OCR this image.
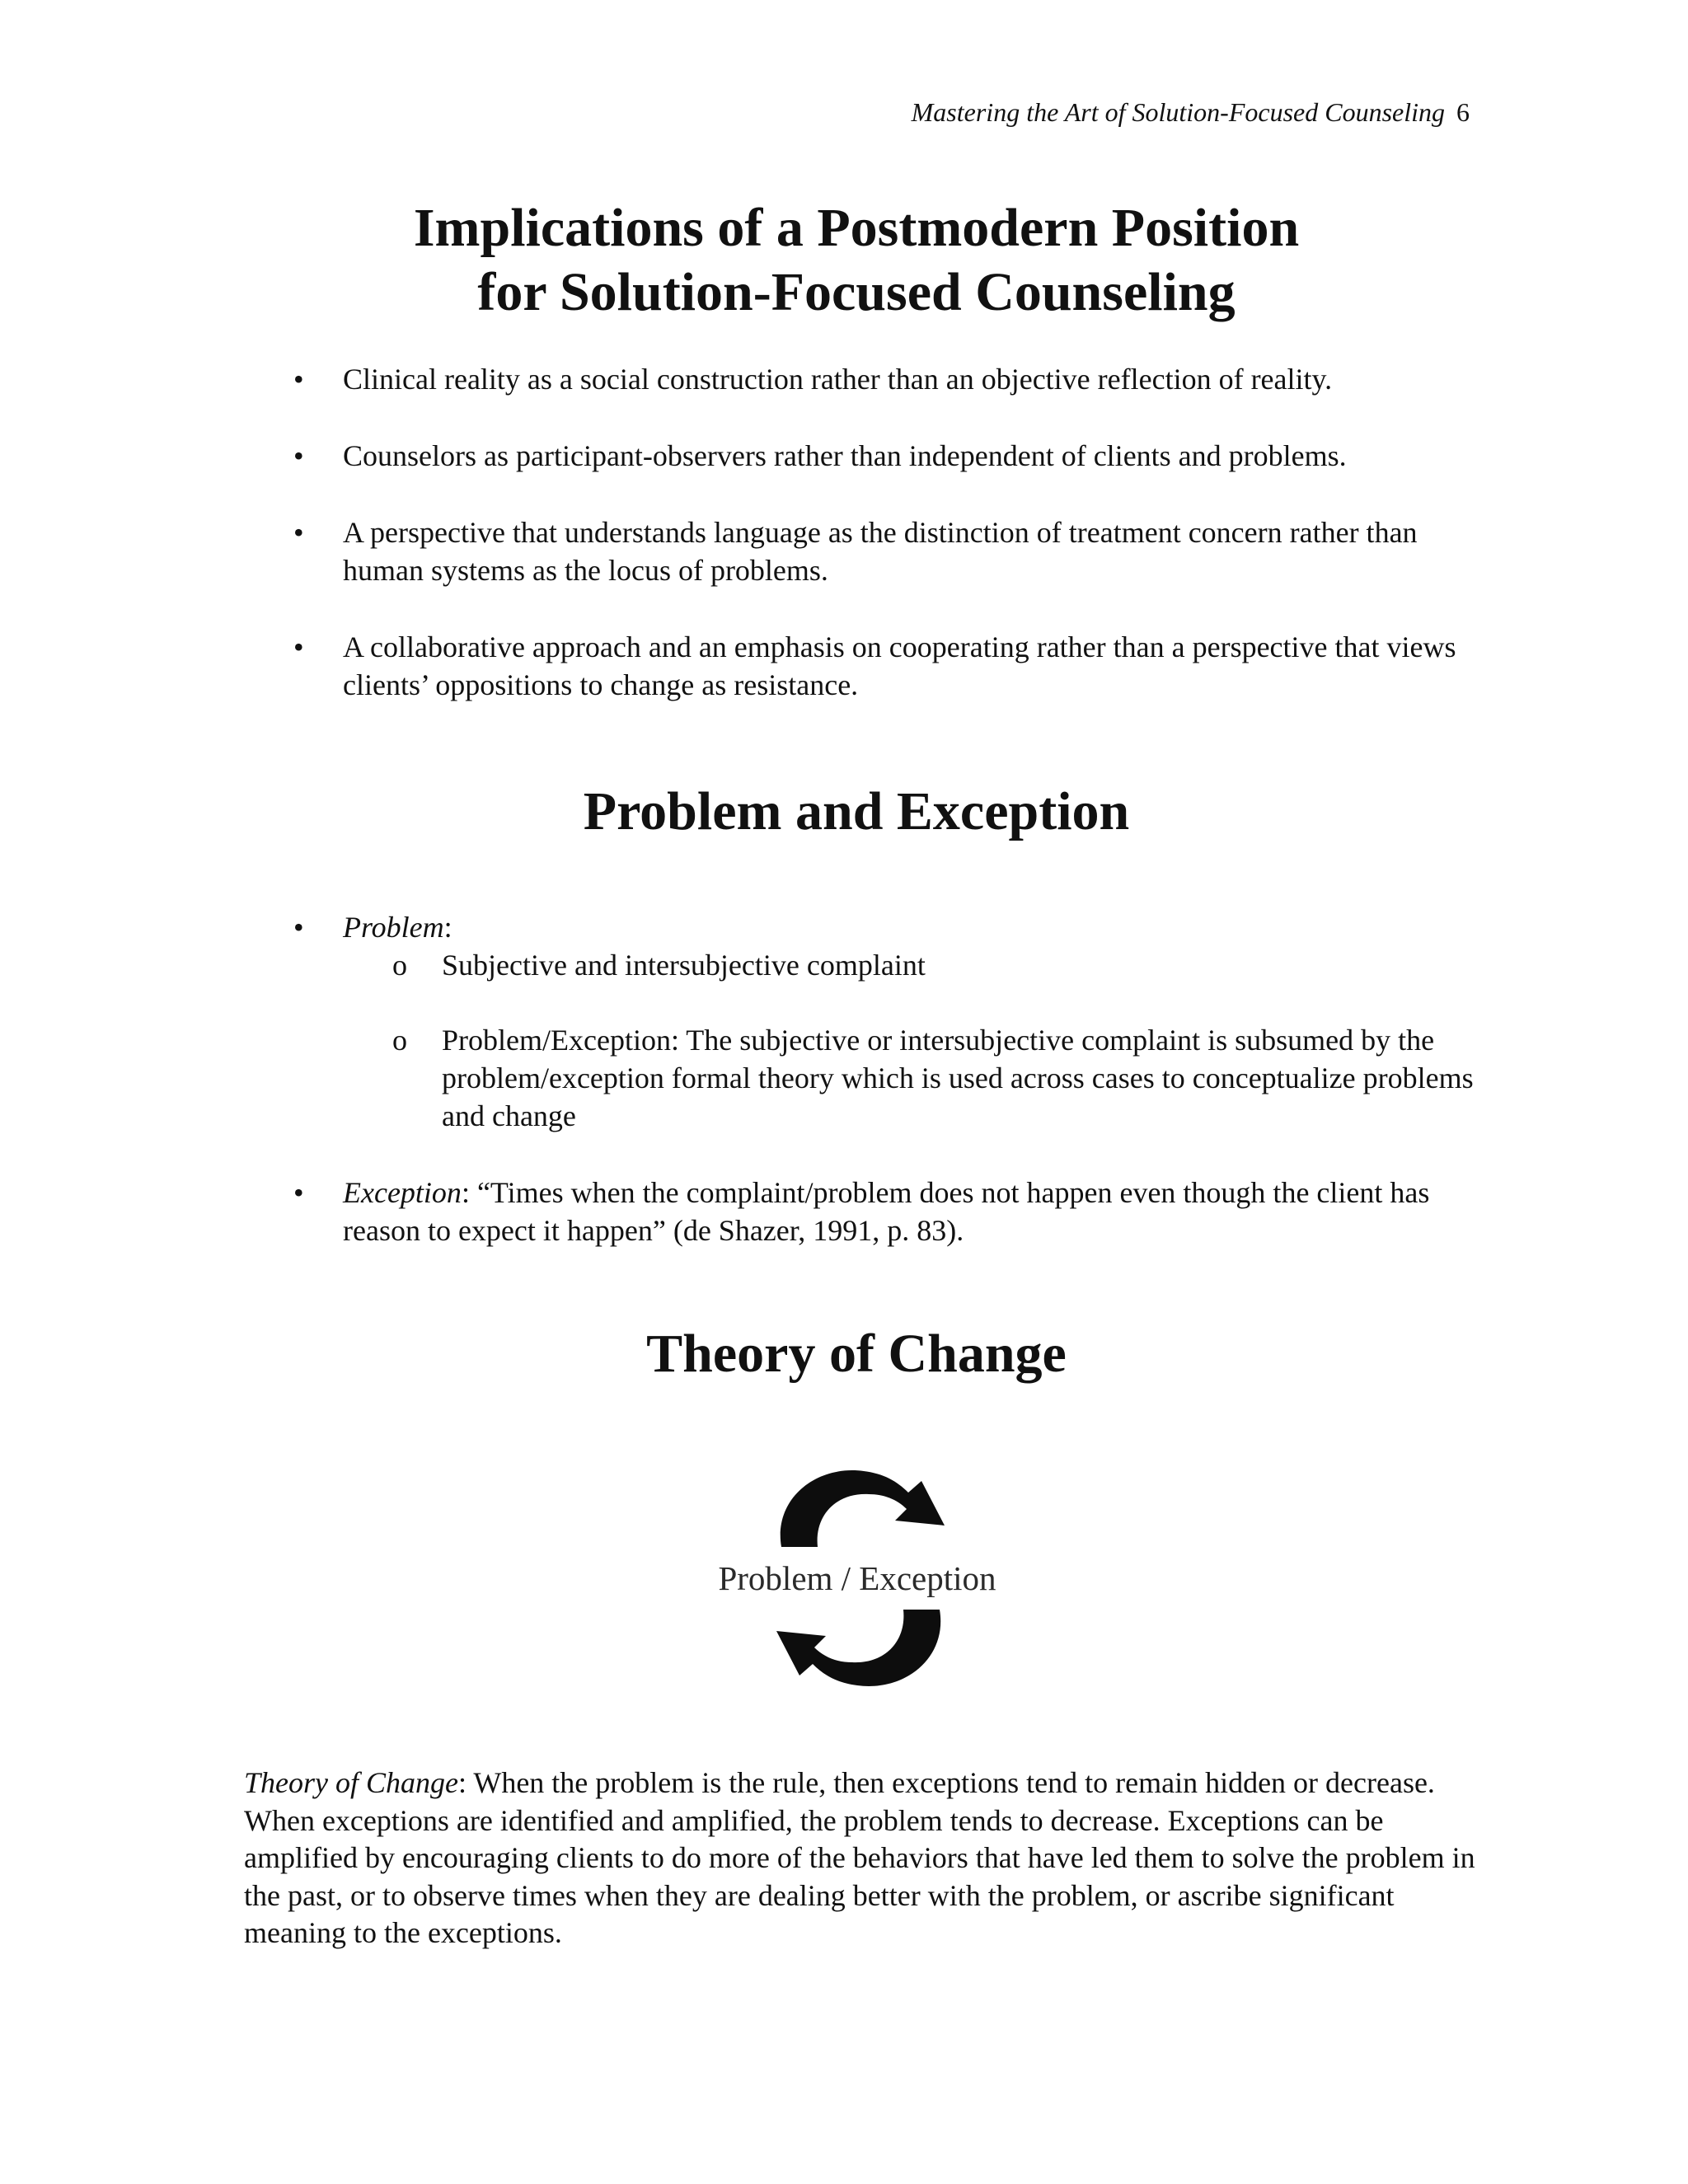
Mastering the Art of Solution-Focused Counseling 6
Implications of a Postmodern Position
for Solution-Focused Counseling
• Clinical reality as a social construction rather than an objective reflection of reality.
• Counselors as participant-observers rather than independent of clients and problems.
• A perspective that understands language as the distinction of treatment concern rather than human systems as the locus of problems.
• A collaborative approach and an emphasis on cooperating rather than a perspective that views clients’ oppositions to change as resistance.
Problem and Exception
• Problem:
o Subjective and intersubjective complaint
o Problem/Exception: The subjective or intersubjective complaint is subsumed by the problem/exception formal theory which is used across cases to conceptualize problems and change
• Exception: “Times when the complaint/problem does not happen even though the client has reason to expect it happen” (de Shazer, 1991, p. 83).
Theory of Change
Problem / Exception

Theory of Change: When the problem is the rule, then exceptions tend to remain hidden or decrease. When exceptions are identified and amplified, the problem tends to decrease. Exceptions can be amplified by encouraging clients to do more of the behaviors that have led them to solve the problem in the past, or to observe times when they are dealing better with the problem, or ascribe significant meaning to the exceptions.
